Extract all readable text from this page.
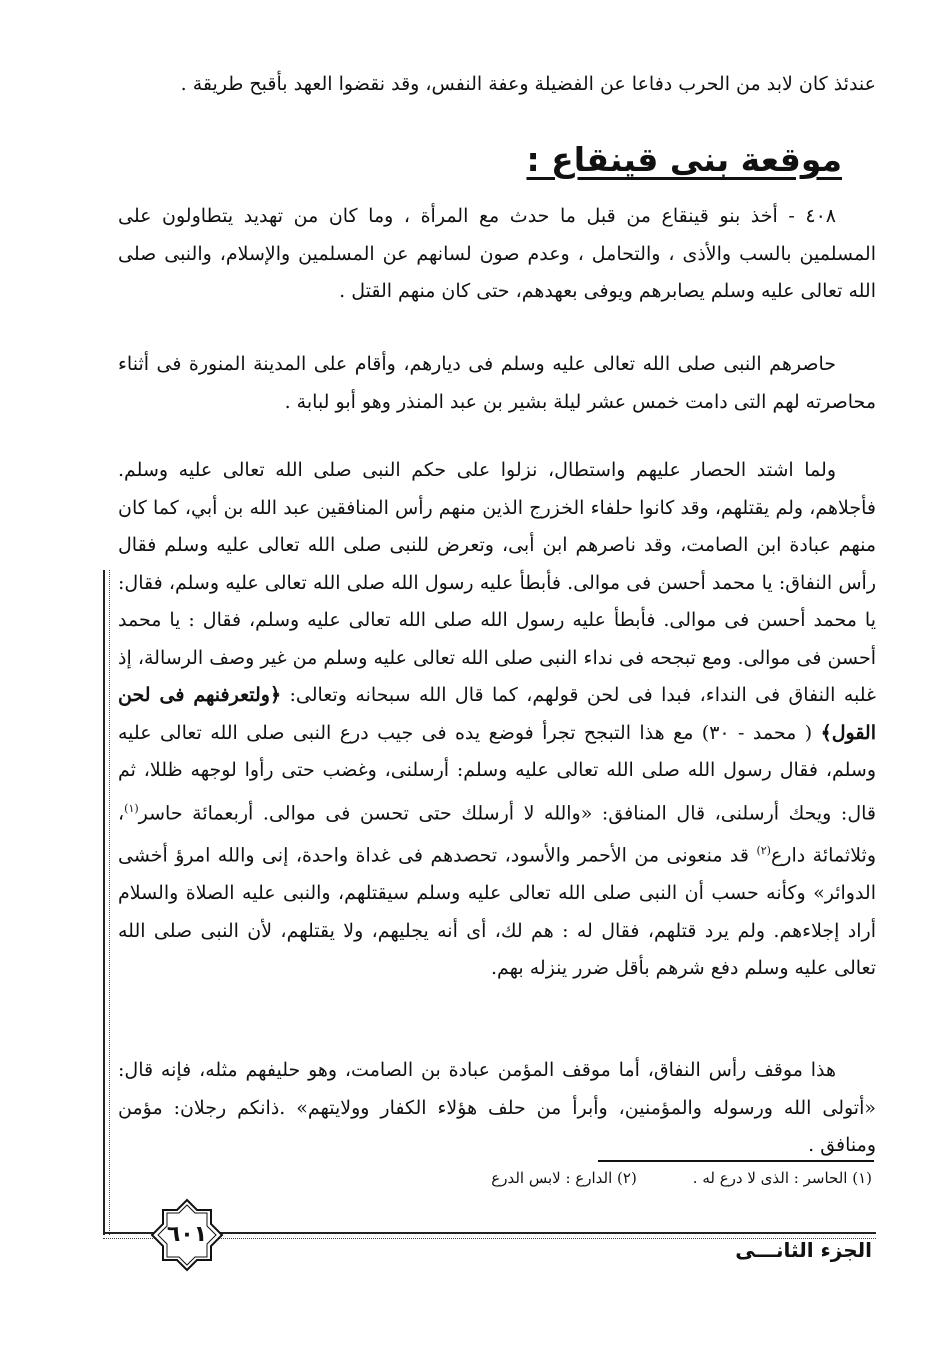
عندئذ كان لابد من الحرب دفاعا عن الفضيلة وعفة النفس، وقد نقضوا العهد بأقبح طريقة .

موقعة بنى قينقاع :

٤٠٨ - أخذ بنو قينقاع من قبل ما حدث مع المرأة ، وما كان من تهديد يتطاولون على المسلمين بالسب والأذى ، والتحامل ، وعدم صون لسانهم عن المسلمين والإسلام، والنبى صلى الله تعالى عليه وسلم يصابرهم ويوفى بعهدهم، حتى كان منهم القتل .

حاصرهم النبى صلى الله تعالى عليه وسلم فى ديارهم، وأقام على المدينة المنورة فى أثناء محاصرته لهم التى دامت خمس عشر ليلة بشير بن عبد المنذر وهو أبو لبابة .

ولما اشتد الحصار عليهم واستطال، نزلوا على حكم النبى صلى الله تعالى عليه وسلم. فأجلاهم، ولم يقتلهم، وقد كانوا حلفاء الخزرج الذين منهم رأس المنافقين عبد الله بن أبي، كما كان منهم عبادة ابن الصامت، وقد ناصرهم ابن أبى، وتعرض للنبى صلى الله تعالى عليه وسلم فقال رأس النفاق: يا محمد أحسن فى موالى. فأبطأ عليه رسول الله صلى الله تعالى عليه وسلم، فقال: يا محمد أحسن فى موالى. فأبطأ عليه رسول الله صلى الله تعالى عليه وسلم، فقال : يا محمد أحسن فى موالى. ومع تبجحه فى نداء النبى صلى الله تعالى عليه وسلم من غير وصف الرسالة، إذ غلبه النفاق فى النداء، فبدا فى لحن قولهم، كما قال الله سبحانه وتعالى: ﴿ولتعرفنهم فى لحن القول﴾ ( محمد - ٣٠) مع هذا التبجح تجرأ فوضع يده فى جيب درع النبى صلى الله تعالى عليه وسلم، فقال رسول الله صلى الله تعالى عليه وسلم: أرسلنى، وغضب حتى رأوا لوجهه ظللا، ثم قال: ويحك أرسلنى، قال المنافق: «والله لا أرسلك حتى تحسن فى موالى. أربعمائة حاسر$^{(١)}$، وثلاثمائة دارع$^{(٢)}$ قد منعونى من الأحمر والأسود، تحصدهم فى غداة واحدة، إنى والله امرؤ أخشى الدوائر» وكأنه حسب أن النبى صلى الله تعالى عليه وسلم سيقتلهم، والنبى عليه الصلاة والسلام أراد إجلاءهم. ولم يرد قتلهم، فقال له : هم لك، أى أنه يجليهم، ولا يقتلهم، لأن النبى صلى الله تعالى عليه وسلم دفع شرهم بأقل ضرر ينزله بهم.

هذا موقف رأس النفاق، أما موقف المؤمن عبادة بن الصامت، وهو حليفهم مثله، فإنه قال: «أتولى الله ورسوله والمؤمنين، وأبرأ من حلف هؤلاء الكفار وولايتهم» .ذانكم رجلان: مؤمن ومنافق .

(١) الحاسر : الذى لا درع له .(٢) الدارع : لابس الدرع
٦٠١
الجزء الثانـــى
